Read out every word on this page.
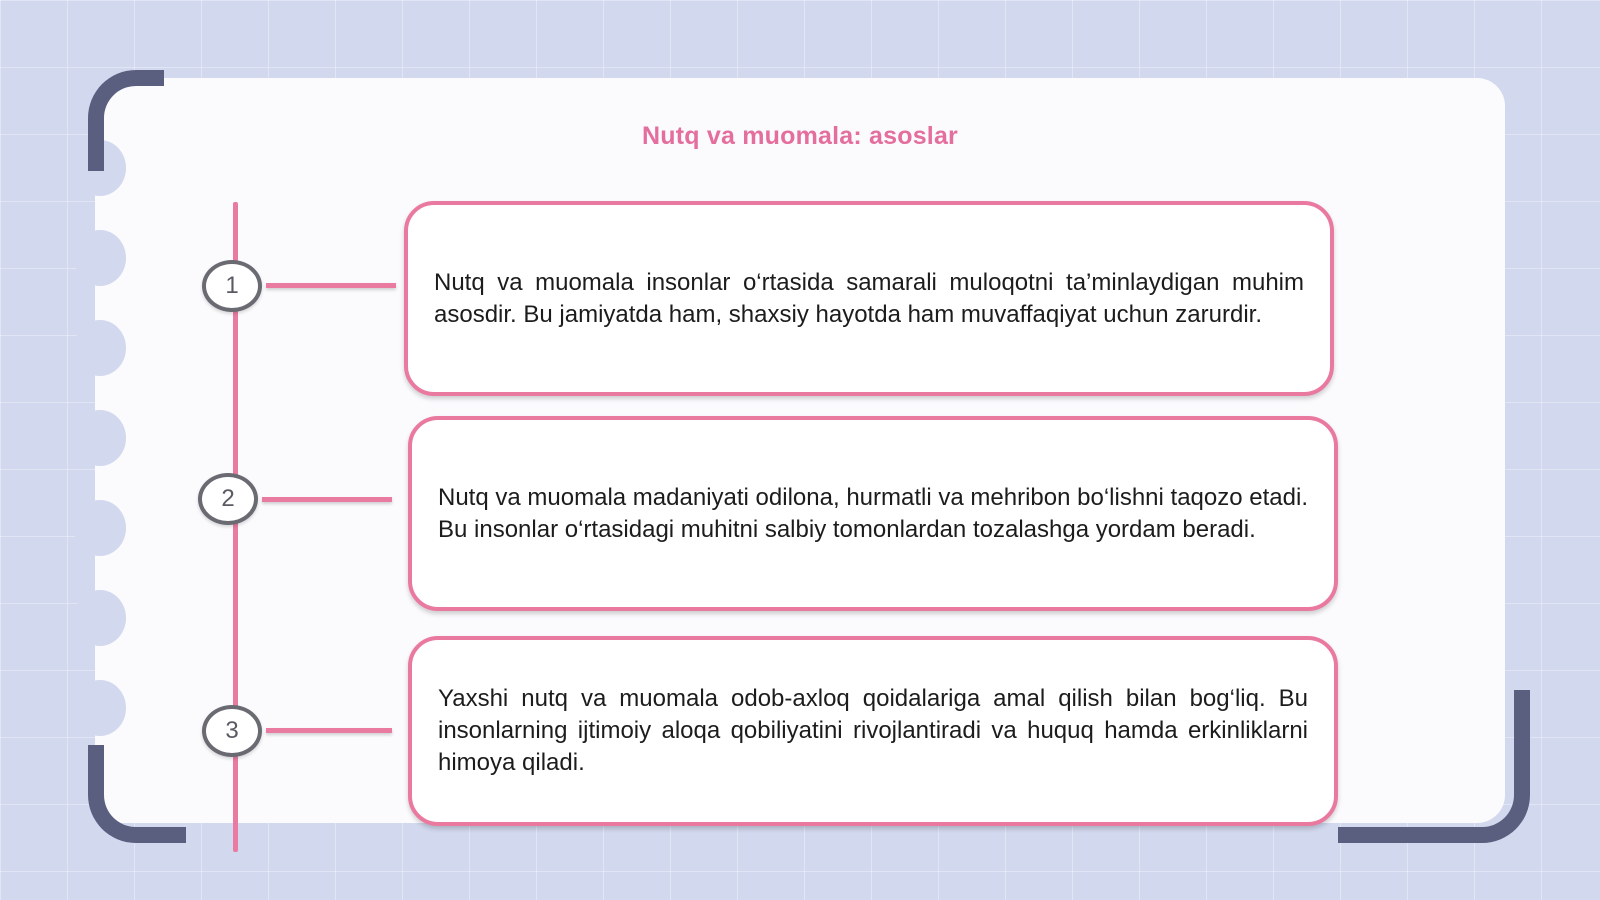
Nutq va muomala: asoslar
1	Nutq va muomala insonlar o‘rtasida samarali muloqotni ta’minlaydigan muhim asosdir. Bu jamiyatda ham, shaxsiy hayotda ham muvaffaqiyat uchun zarurdir.

2	Nutq va muomala madaniyati odilona, hurmatli va mehribon bo‘lishni taqozo etadi. Bu insonlar o‘rtasidagi muhitni salbiy tomonlardan tozalashga yordam beradi.

3

Yaxshi nutq va muomala odob-axloq qoidalariga amal qilish bilan bog‘liq. Bu insonlarning ijtimoiy aloqa qobiliyatini rivojlantiradi va huquq hamda erkinliklarni himoya qiladi.
